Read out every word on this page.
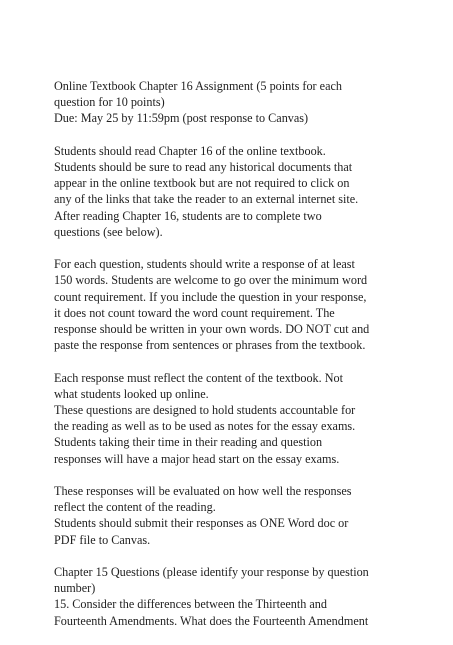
Online Textbook Chapter 16 Assignment (5 points for each
question for 10 points)
Due: May 25 by 11:59pm (post response to Canvas)

Students should read Chapter 16 of the online textbook.
Students should be sure to read any historical documents that
appear in the online textbook but are not required to click on
any of the links that take the reader to an external internet site.
After reading Chapter 16, students are to complete two
questions (see below).

For each question, students should write a response of at least
150 words. Students are welcome to go over the minimum word
count requirement. If you include the question in your response,
it does not count toward the word count requirement. The
response should be written in your own words. DO NOT cut and
paste the response from sentences or phrases from the textbook.

Each response must reflect the content of the textbook. Not
what students looked up online.
These questions are designed to hold students accountable for
the reading as well as to be used as notes for the essay exams.
Students taking their time in their reading and question
responses will have a major head start on the essay exams.

These responses will be evaluated on how well the responses
reflect the content of the reading.
Students should submit their responses as ONE Word doc or
PDF file to Canvas.

Chapter 15 Questions (please identify your response by question
number)
15. Consider the differences between the Thirteenth and
Fourteenth Amendments. What does the Fourteenth Amendment
